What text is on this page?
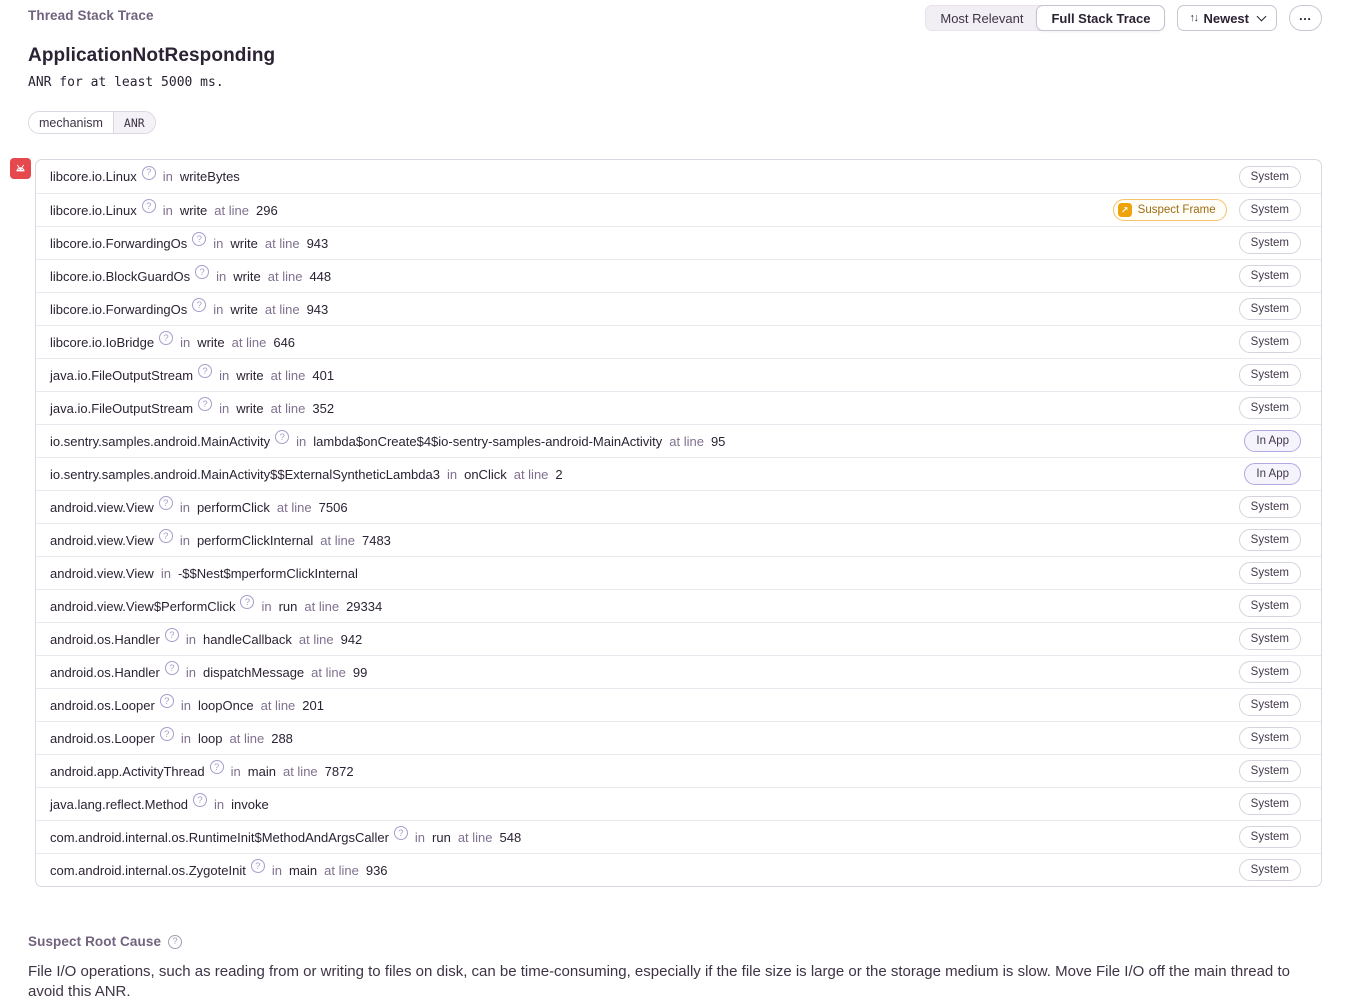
Thread Stack Trace	Most Relevant	Full Stack Trace	↑↓ Newest	…
ApplicationNotResponding
ANR for at least 5000 ms.
mechanism	ANR
libcore.io.Linux ? in writeBytes	System
libcore.io.Linux ? in write at line 296	↗ Suspect Frame	System
libcore.io.ForwardingOs ? in write at line 943	System
libcore.io.BlockGuardOs ? in write at line 448	System
libcore.io.ForwardingOs ? in write at line 943	System
libcore.io.IoBridge ? in write at line 646	System
java.io.FileOutputStream ? in write at line 401	System
java.io.FileOutputStream ? in write at line 352	System
io.sentry.samples.android.MainActivity ? in lambda$onCreate$4$io-sentry-samples-android-MainActivity at line 95	In App
io.sentry.samples.android.MainActivity$$ExternalSyntheticLambda3 in onClick at line 2	In App
android.view.View ? in performClick at line 7506	System
android.view.View ? in performClickInternal at line 7483	System
android.view.View in -$$Nest$mperformClickInternal	System
android.view.View$PerformClick ? in run at line 29334	System
android.os.Handler ? in handleCallback at line 942	System
android.os.Handler ? in dispatchMessage at line 99	System
android.os.Looper ? in loopOnce at line 201	System
android.os.Looper ? in loop at line 288	System
android.app.ActivityThread ? in main at line 7872	System
java.lang.reflect.Method ? in invoke	System
com.android.internal.os.RuntimeInit$MethodAndArgsCaller ? in run at line 548	System
com.android.internal.os.ZygoteInit ? in main at line 936	System
Suspect Root Cause	?

File I/O operations, such as reading from or writing to files on disk, can be time-consuming, especially if the file size is large or the storage medium is slow. Move File I/O off the main thread to avoid this ANR.
